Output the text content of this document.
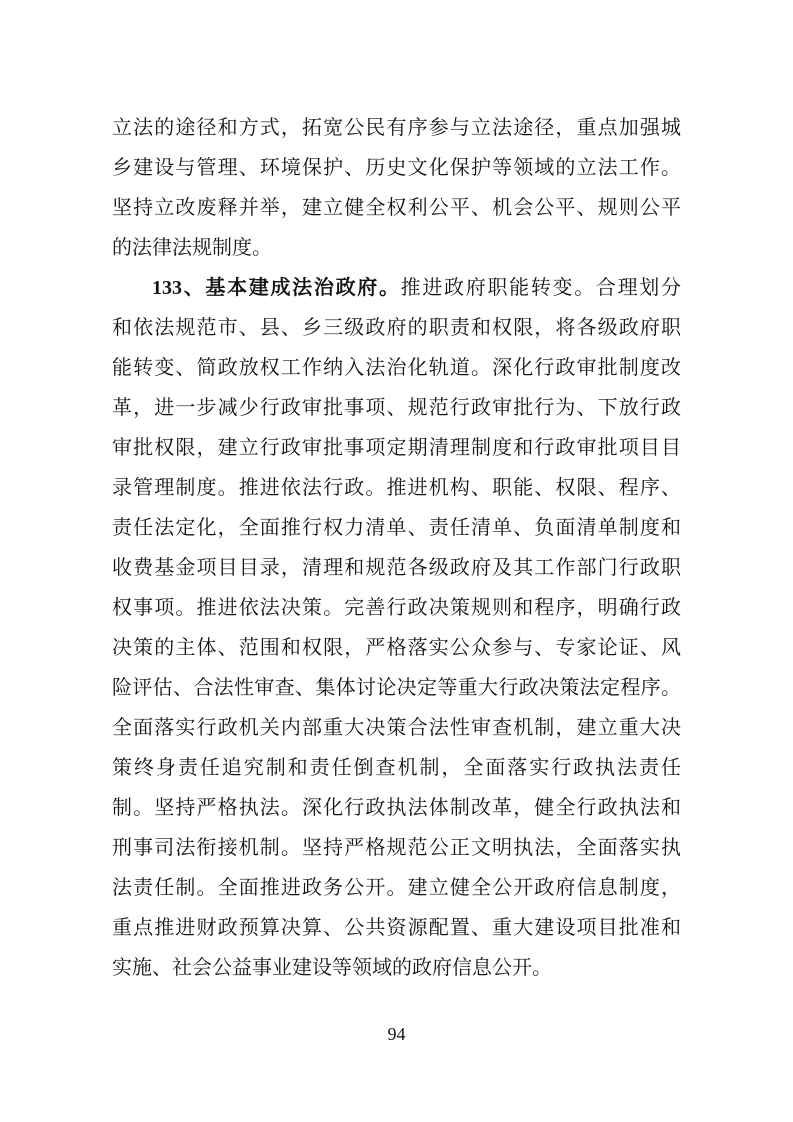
立法的途径和方式，拓宽公民有序参与立法途径，重点加强城
乡建设与管理、环境保护、历史文化保护等领域的立法工作。
坚持立改废释并举，建立健全权利公平、机会公平、规则公平
的法律法规制度。
133、基本建成法治政府。推进政府职能转变。合理划分
和依法规范市、县、乡三级政府的职责和权限，将各级政府职
能转变、简政放权工作纳入法治化轨道。深化行政审批制度改
革，进一步减少行政审批事项、规范行政审批行为、下放行政
审批权限，建立行政审批事项定期清理制度和行政审批项目目
录管理制度。推进依法行政。推进机构、职能、权限、程序、
责任法定化，全面推行权力清单、责任清单、负面清单制度和
收费基金项目目录，清理和规范各级政府及其工作部门行政职
权事项。推进依法决策。完善行政决策规则和程序，明确行政
决策的主体、范围和权限，严格落实公众参与、专家论证、风
险评估、合法性审查、集体讨论决定等重大行政决策法定程序。
全面落实行政机关内部重大决策合法性审查机制，建立重大决
策终身责任追究制和责任倒查机制，全面落实行政执法责任
制。坚持严格执法。深化行政执法体制改革，健全行政执法和
刑事司法衔接机制。坚持严格规范公正文明执法，全面落实执
法责任制。全面推进政务公开。建立健全公开政府信息制度，
重点推进财政预算决算、公共资源配置、重大建设项目批准和
实施、社会公益事业建设等领域的政府信息公开。
94
